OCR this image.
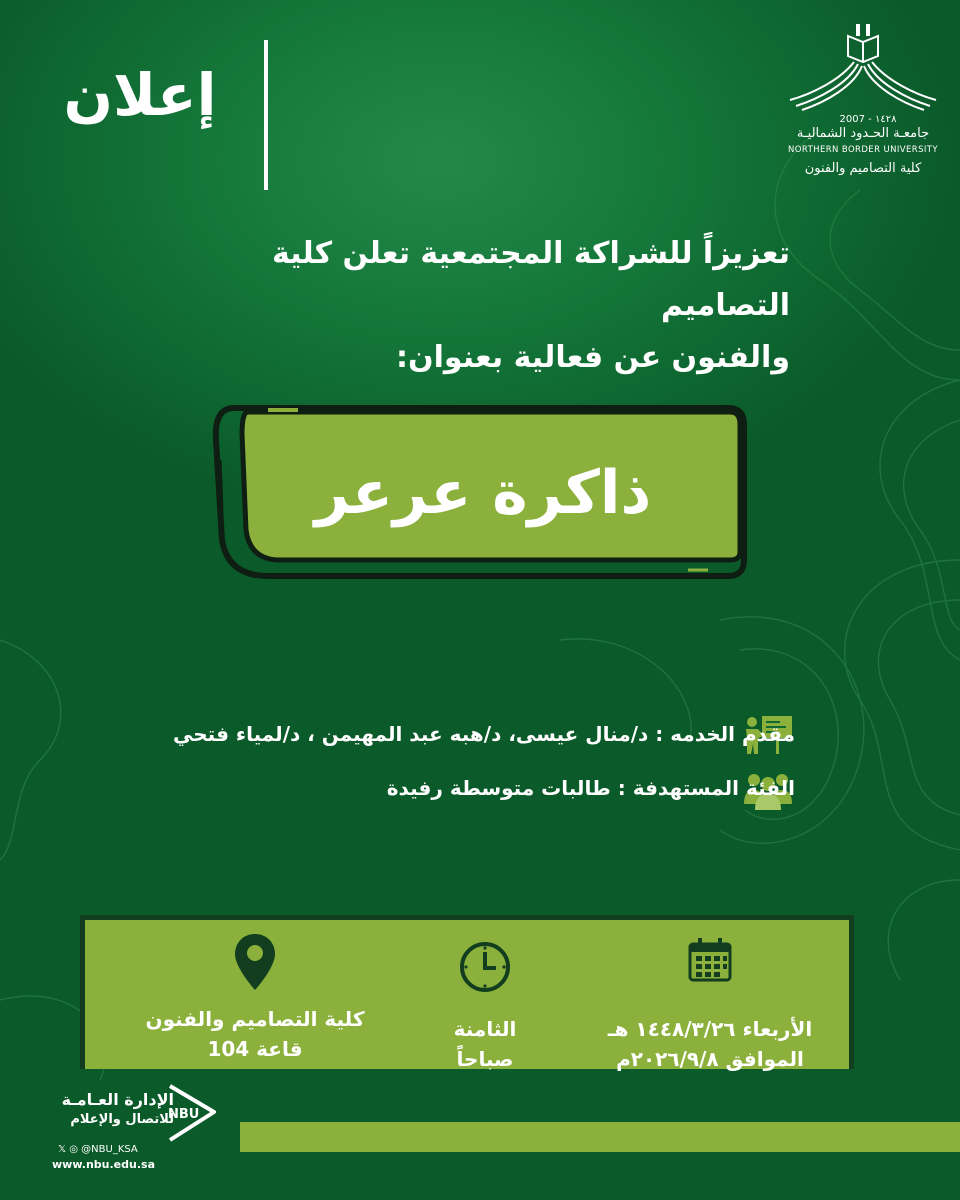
إعلان	2007 - ١٤٢٨
جامعـة الحـدود الشماليـة
NORTHERN BORDER UNIVERSITY
كلية التصاميم والفنون
تعزيزاً للشراكة المجتمعية تعلن كلية التصاميم
والفنون عن فعالية بعنوان:
ذاكرة عرعر
مقدم الخدمه : د/منال عيسى، د/هبه عبد المهيمن ، د/لمياء فتحي
الفئة المستهدفة : طالبات متوسطة رفيدة
الأربعاء ١٤٤٨/٣/٢٦ هـ
الموافق ٢٠٢٦/٩/٨م
الثامنة
صباحاً
كلية التصاميم والفنون
قاعة 104
الإدارة العـامـة
للاتصال والإعلام
NBU
𝕏 ◎ @NBU_KSA
www.nbu.edu.sa
